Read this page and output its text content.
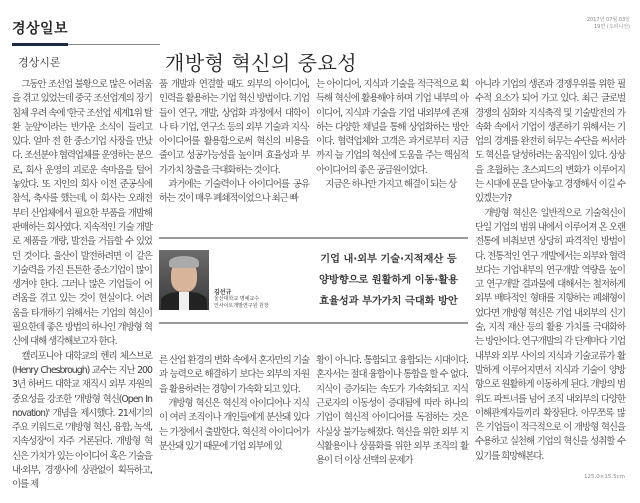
경상일보
2017년 07월 03일
19면 (오피니언)
경상시론	개방형 혁신의 중요성

그동안 조선업 불황으로 많은 어려움을 겪고 있었는데 중국 조선업계의 장기 침체 우려 속에 '한국 조선업 세계1위 탈환 눈앞'이라는 반가운 소식이 들리고 있다. 얼마 전 한 중소기업 사장을 만났다. 조선분야 협력업체를 운영하는 분으로, 회사 운영의 괴로운 속마음을 털어 놓았다. 또 지인의 회사 이전 준공식에 참석, 축사를 했는데, 이 회사는 오래전부터 산업체에서 필요한 부품을 개발해 판매하는 회사였다. 지속적인 기술 개발로 제품을 개량, 발전을 거듭할 수 있었던 것이다. 울산이 발전하려면 이 같은 기술력을 가진 튼튼한 중소기업이 많이 생겨야 한다. 그러나 많은 기업들이 어려움을 겪고 있는 것이 현실이다. 어려움을 타개하기 위해서는 기업의 혁신이 필요한데 좋은 방법의 하나인 개방형 혁신에 대해 생각해보고자 한다.

캘리포니아 대학교의 헨리 체스브로(Henry Chesbrough) 교수는 지난 2003년 하버드 대학교 재직시 외부 자원의 중요성을 강조한 '개방형 혁신(Open Innovation)' 개념을 제시했다. 21세기의 주요 키워드로 '개방형 혁신, 융합, 녹색, 지속성장'이 자주 거론된다. 개방형 혁신은 가치가 있는 아이디어 혹은 기술을 내·외부, 경쟁사에 상관없이 획득하고, 이를 제

품 개발과 연결할 때도 외부의 아이디어, 인력을 활용하는 기업 혁신 방법이다. 기업들이 연구, 개발, 상업화 과정에서 대학이나 타 기업, 연구소 등의 외부 기술과 지식·아이디어를 활용함으로써 혁신의 비용을 줄이고 성공가능성을 높이며 효율성과 부가가치 창출을 극대화하는 것이다.

과거에는 기술력이나 아이디어를 공유하는 것이 매우 폐쇄적이었으나 최근 빠

는 아이디어, 지식과 기술을 적극적으로 획득해 혁신에 활용해야 하며 기업 내부의 아이디어, 지식과 기술을 기업 내외부에 존재하는 다양한 채널을 통해 상업화하는 방안이다. 협력업체와 고객은 과거로부터 지금까지 늘 기업의 혁신에 도움을 주는 핵심적 아이디어의 좋은 공급원이었다.

지금은 하나만 가지고 해결이 되는 상

김선규
울산대학교 명예교수
인사이트개발연구원 원장
기업 내·외부 기술·지적재산 등
양방향으로 원활하게 이동·활용
효율성과 부가가치 극대화 방안

른 산업 환경의 변화 속에서 혼자만의 기술과 능력으로 해결하기 보다는 외부의 자원을 활용하려는 경향이 가속화 되고 있다.

개방형 혁신은 혁신적 아이디어나 지식이 여러 조직이나 개인들에게 분산돼 있다는 가정에서 출발한다. 혁신적 아이디어가 분산돼 있기 때문에 기업 외부에 있

황이 아니다. 통합되고 융합되는 시대이다. 혼자서는 절대 융합이나 통합을 할 수 없다. 지식이 증가되는 속도가 가속화되고 지식근로자의 이동성이 증대됨에 따라 하나의 기업이 혁신적 아이디어를 독점하는 것은 사실상 불가능해졌다. 혁신을 위한 외부 지식활용이나 상품화를 위한 외부 조직의 활용이 더 이상 선택의 문제가

아니라 기업의 생존과 경쟁우위를 위한 필수적 요소가 되어 가고 있다. 최근 글로벌 경쟁의 심화와 지식축적 및 기술발전의 가속화 속에서 기업이 생존하기 위해서는 기업의 경계를 완전히 허무는 수단을 써서라도 혁신을 달성하려는 움직임이 있다. 상상을 초월하는 초스피드의 변화가 이루어지는 시대에 문을 닫아놓고 경쟁해서 이길 수 있겠는가?

개방형 혁신은 일반적으로 기술혁신이 단일 기업의 범위 내에서 이루어져 온 오랜 전통에 비춰보면 상당히 파격적인 방법이다. 전통적인 연구 개발에서는 외부와 협력보다는 기업내부의 연구개발 역량을 높이고 연구개발 결과물에 대해서는 철저하게 외부 배타적인 형태를 지향하는 폐쇄형이었다면 개방형 혁신은 기업 내외부의 신기술, 지적 재산 등의 활용 가치를 극대화하는 방안이다. 연구개발의 각 단계마다 기업내부와 외부 사이의 지식과 기술교류가 활발하게 이루어지면서 지식과 기술이 양방향으로 원활하게 이동하게 된다. 개방의 범위도 파트너를 넘어 조직 내외부의 다양한 이해관계자들끼리 확장된다. 아무쪼록 많은 기업들이 적극적으로 이 개방형 혁신을 수용하고 실천해 기업의 혁신을 성취할 수 있기를 희망해본다.

125.0×15.5cm
